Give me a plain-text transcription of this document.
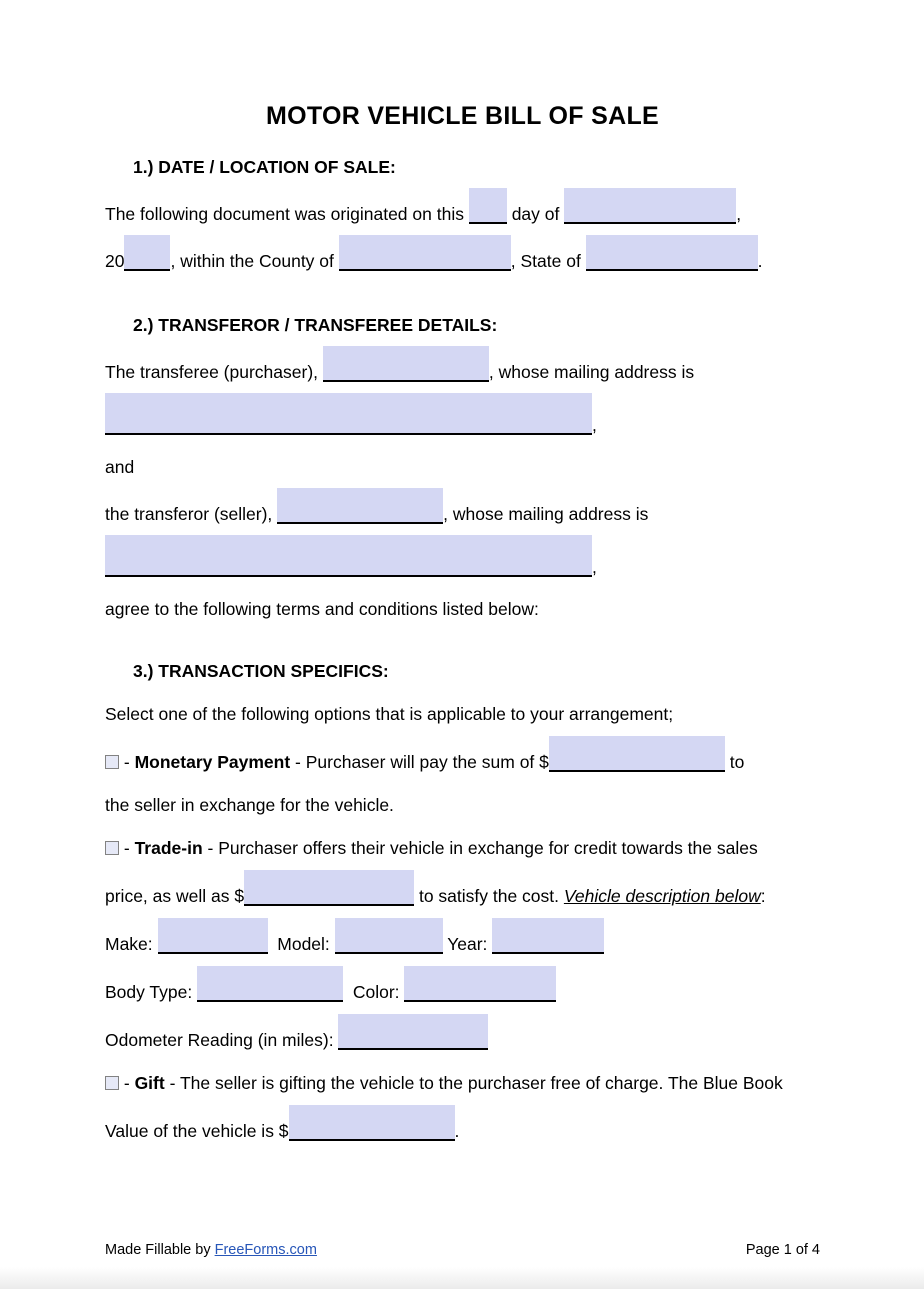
MOTOR VEHICLE BILL OF SALE
1.) DATE / LOCATION OF SALE:
The following document was originated on this  day of	,
20	, within the County of	, State of	.
2.) TRANSFEROR / TRANSFEREE DETAILS:
The transferee (purchaser),	, whose mailing address is
,
and
the transferor (seller),	, whose mailing address is
,
agree to the following terms and conditions listed below:
3.) TRANSACTION SPECIFICS:
Select one of the following options that is applicable to your arrangement;
- Monetary Payment - Purchaser will pay the sum of $	to
the seller in exchange for the vehicle.
- Trade-in - Purchaser offers their vehicle in exchange for credit towards the sales
price, as well as $	to satisfy the cost. Vehicle description below:
Make:	Model:	Year:
Body Type:	Color:
Odometer Reading (in miles):
- Gift - The seller is gifting the vehicle to the purchaser free of charge. The Blue Book
Value of the vehicle is $	.
Made Fillable by FreeForms.com	Page 1 of 4
